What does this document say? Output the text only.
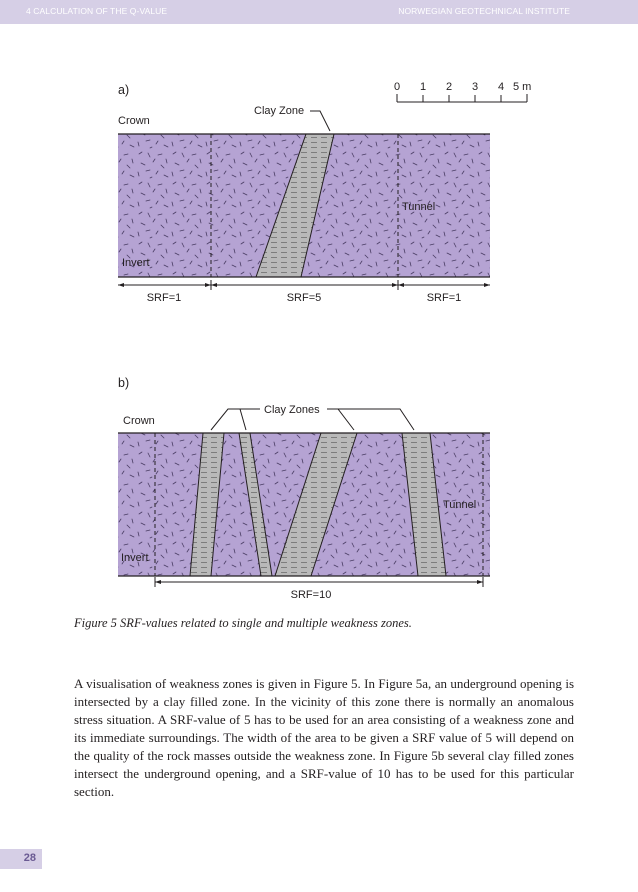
4 CALCULATION OF THE Q-VALUE	NORWEGIAN GEOTECHNICAL INSTITUTE
a)	0 1 2 3 4 5 m
Crown
Clay Zone
Tunnel
Invert
SRF=1	SRF=5	SRF=1
b)
Crown
Clay Zones
Tunnel
Invert
SRF=10
Figure 5 SRF-values related to single and multiple weakness zones.

A visualisation of weakness zones is given in Figure 5. In Figure 5a, an underground opening is intersected by a clay filled zone. In the vicinity of this zone there is normally an anomalous stress situation. A SRF-value of 5 has to be used for an area consisting of a weakness zone and its immediate surroundings. The width of the area to be given a SRF value of 5 will depend on the quality of the rock masses outside the weakness zone. In Figure 5b several clay filled zones intersect the underground opening, and a SRF-value of 10 has to be used for this particular section.

28
